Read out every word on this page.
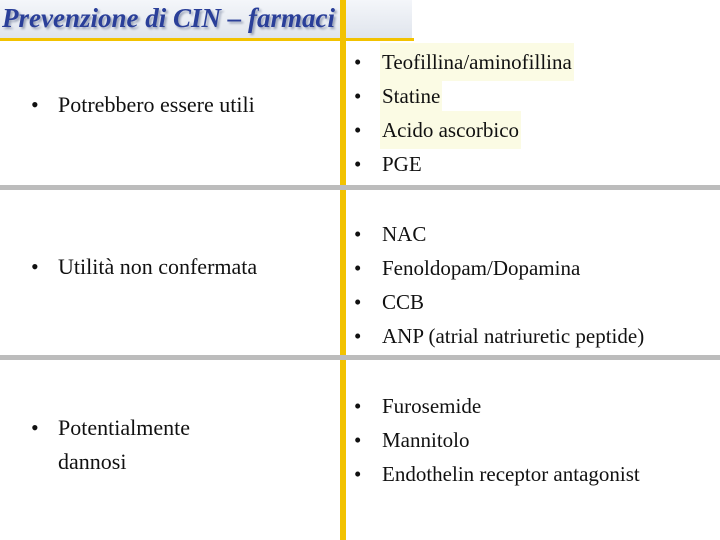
Prevenzione di CIN – farmaci
• Potrebbero essere utili
• Teofillina/aminofillina
• Statine
• Acido ascorbico
• PGE
• Utilità non confermata
• NAC
• Fenoldopam/Dopamina
• CCB
• ANP (atrial natriuretic peptide)
• Potentialmente
dannosi
• Furosemide
• Mannitolo
• Endothelin receptor antagonist
